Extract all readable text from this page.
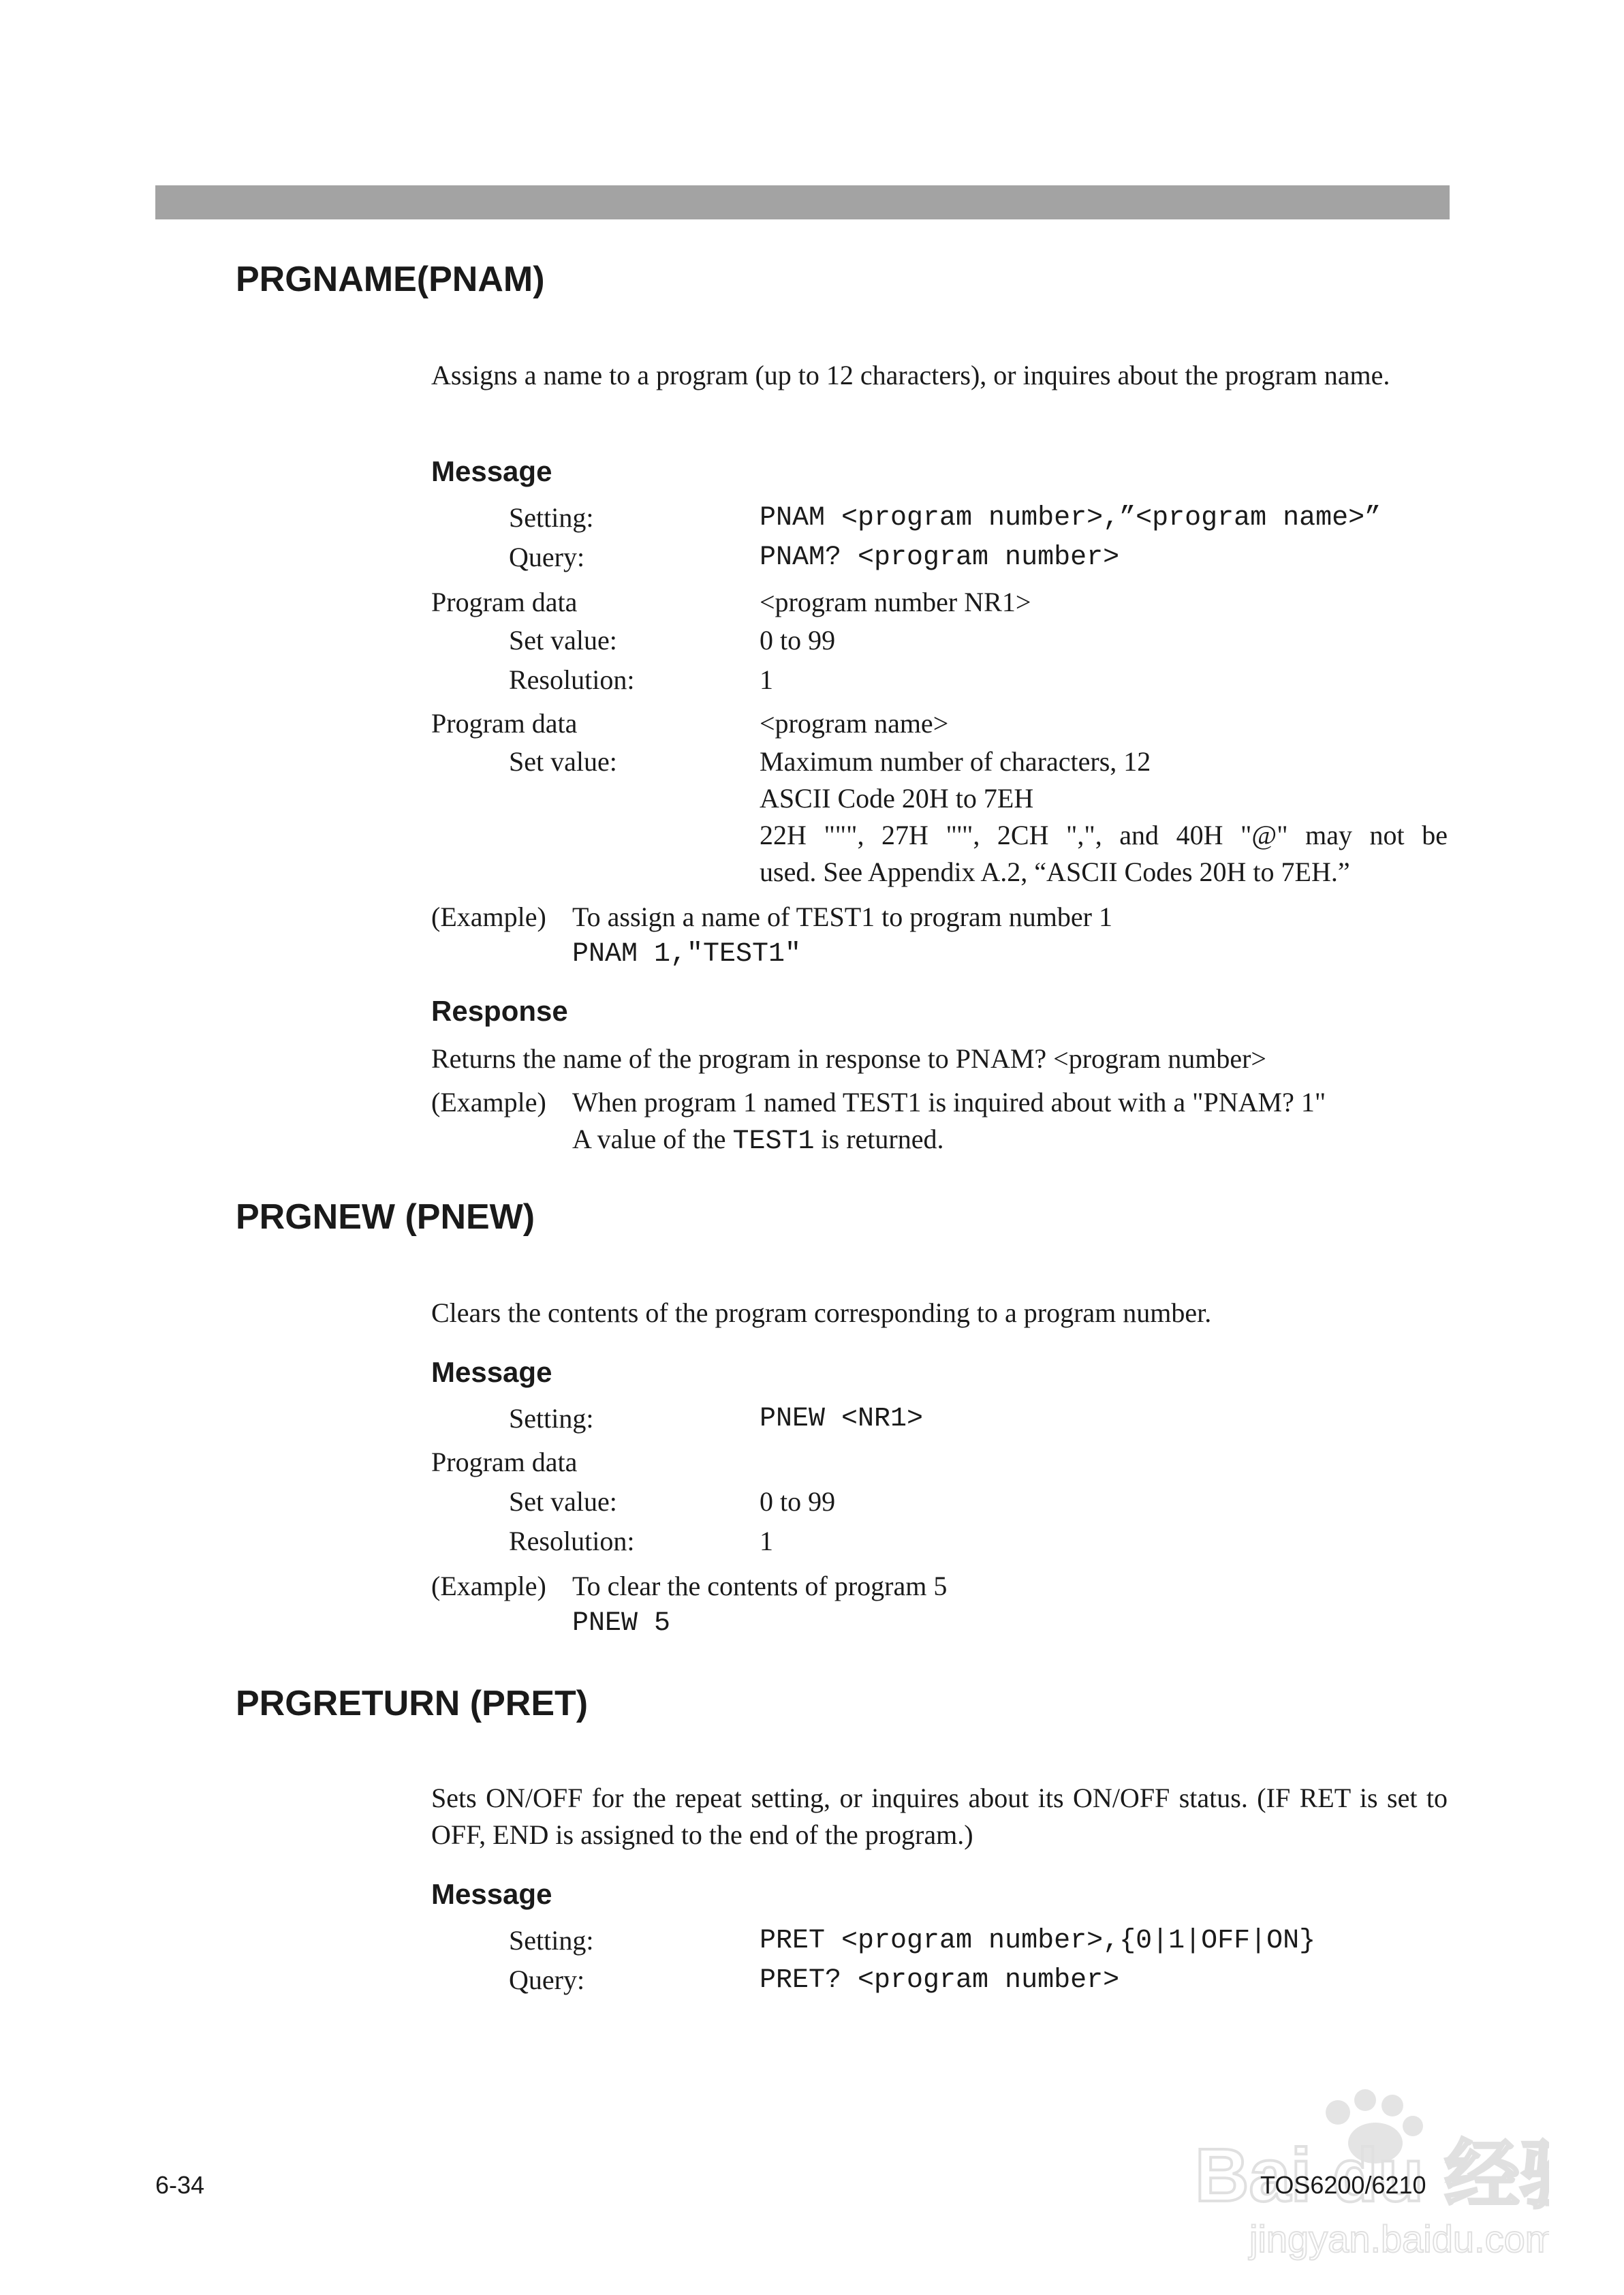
PRGNAME(PNAM)
Assigns a name to a program (up to 12 characters), or inquires about the program name.
Message
Setting:	PNAM <program number>,”<program name>”
Query:	PNAM? <program number>
Program data	<program number NR1>
Set value:	0 to 99
Resolution:	1
Program data	<program name>
Set value:	Maximum number of characters, 12
ASCII Code 20H to 7EH
22H """, 27H "'", 2CH ",", and 40H "@" may not be
used. See Appendix A.2, “ASCII Codes 20H to 7EH.”
(Example) To assign a name of TEST1 to program number 1
PNAM 1,"TEST1"
Response
Returns the name of the program in response to PNAM? <program number>
(Example) When program 1 named TEST1 is inquired about with a "PNAM? 1"
A value of the TEST1 is returned.
PRGNEW (PNEW)
Clears the contents of the program corresponding to a program number.
Message
Setting:	PNEW <NR1>
Program data
Set value:	0 to 99
Resolution:	1
(Example) To clear the contents of program 5
PNEW 5
PRGRETURN (PRET)
Sets ON/OFF for the repeat setting, or inquires about its ON/OFF status. (IF RET is set to OFF, END is assigned to the end of the program.)
Message
Setting:	PRET <program number>,{0|1|OFF|ON}
Query:	PRET? <program number>
Bai du 经
jingyan.baidu.com
6-34	TOS6200/6210
